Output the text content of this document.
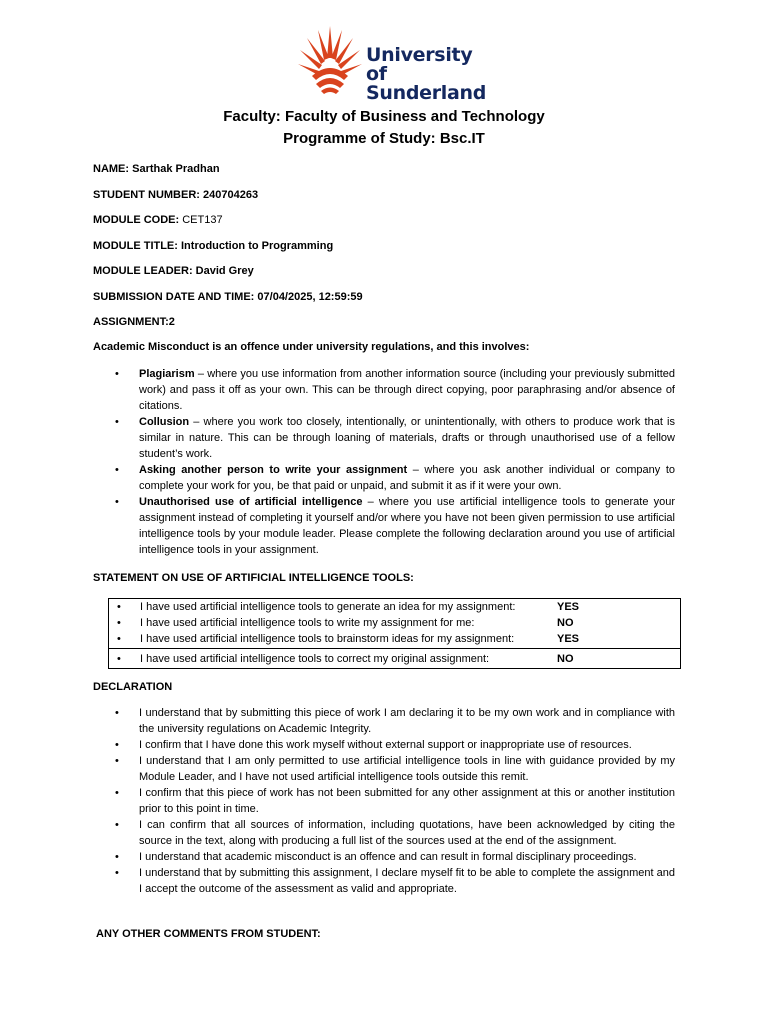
University of
Sunderland
Faculty: Faculty of Business and Technology
Programme of Study: Bsc.IT
NAME: Sarthak Pradhan
STUDENT NUMBER: 240704263
MODULE CODE: CET137
MODULE TITLE: Introduction to Programming
MODULE LEADER: David Grey
SUBMISSION DATE AND TIME: 07/04/2025, 12:59:59
ASSIGNMENT:2
Academic Misconduct is an offence under university regulations, and this involves:
• Plagiarism – where you use information from another information source (including your previously submitted work) and pass it off as your own. This can be through direct copying, poor paraphrasing and/or absence of citations.
• Collusion – where you work too closely, intentionally, or unintentionally, with others to produce work that is similar in nature. This can be through loaning of materials, drafts or through unauthorised use of a fellow student’s work.
• Asking another person to write your assignment – where you ask another individual or company to complete your work for you, be that paid or unpaid, and submit it as if it were your own.
• Unauthorised use of artificial intelligence – where you use artificial intelligence tools to generate your assignment instead of completing it yourself and/or where you have not been given permission to use artificial intelligence tools by your module leader. Please complete the following declaration around you use of artificial intelligence tools in your assignment.
STATEMENT ON USE OF ARTIFICIAL INTELLIGENCE TOOLS:
• I have used artificial intelligence tools to generate an idea for my assignment:	YES
• I have used artificial intelligence tools to write my assignment for me:	NO
• I have used artificial intelligence tools to brainstorm ideas for my assignment:	YES
• I have used artificial intelligence tools to correct my original assignment:	NO
DECLARATION
• I understand that by submitting this piece of work I am declaring it to be my own work and in compliance with the university regulations on Academic Integrity.
• I confirm that I have done this work myself without external support or inappropriate use of resources.
• I understand that I am only permitted to use artificial intelligence tools in line with guidance provided by my Module Leader, and I have not used artificial intelligence tools outside this remit.
• I confirm that this piece of work has not been submitted for any other assignment at this or another institution prior to this point in time.
• I can confirm that all sources of information, including quotations, have been acknowledged by citing the source in the text, along with producing a full list of the sources used at the end of the assignment.
• I understand that academic misconduct is an offence and can result in formal disciplinary proceedings.
• I understand that by submitting this assignment, I declare myself fit to be able to complete the assignment and I accept the outcome of the assessment as valid and appropriate.
ANY OTHER COMMENTS FROM STUDENT:
